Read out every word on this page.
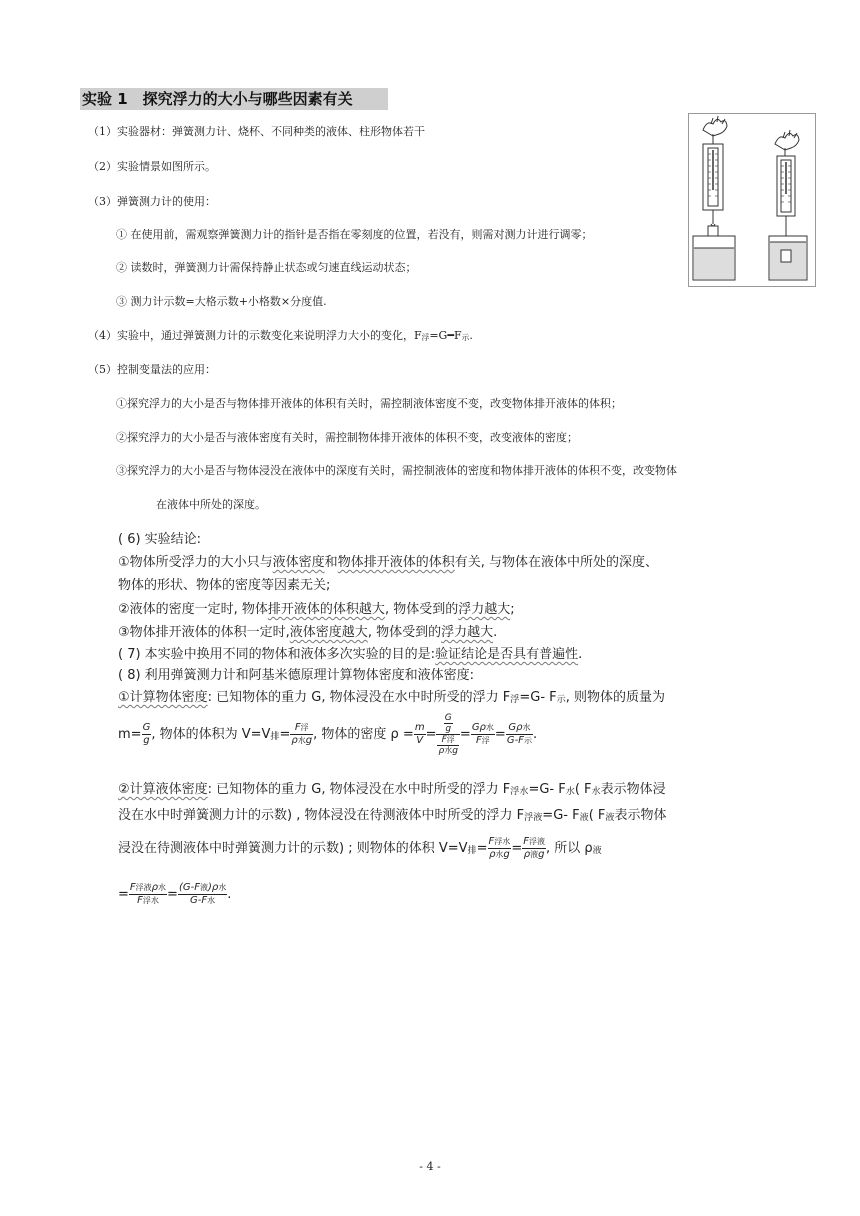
实验 1　探究浮力的大小与哪些因素有关
（1）实验器材：弹簧测力计、烧杯、不同种类的液体、柱形物体若干
（2）实验情景如图所示。
（3）弹簧测力计的使用：
① 在使用前，需观察弹簧测力计的指针是否指在零刻度的位置，若没有，则需对测力计进行调零；
② 读数时，弹簧测力计需保持静止状态或匀速直线运动状态；
③ 测力计示数=大格示数+小格数×分度值.
（4）实验中，通过弹簧测力计的示数变化来说明浮力大小的变化，F浮=G━F示.
（5）控制变量法的应用：
①探究浮力的大小是否与物体排开液体的体积有关时，需控制液体密度不变，改变物体排开液体的体积；
②探究浮力的大小是否与液体密度有关时，需控制物体排开液体的体积不变，改变液体的密度；
③探究浮力的大小是否与物体浸没在液体中的深度有关时，需控制液体的密度和物体排开液体的体积不变，改变物体
在液体中所处的深度。
( 6) 实验结论:
①物体所受浮力的大小只与液体密度和物体排开液体的体积有关, 与物体在液体中所处的深度、
物体的形状、物体的密度等因素无关;
②液体的密度一定时, 物体排开液体的体积越大, 物体受到的浮力越大;
③物体排开液体的体积一定时,液体密度越大, 物体受到的浮力越大.
( 7) 本实验中换用不同的物体和液体多次实验的目的是:验证结论是否具有普遍性.
( 8) 利用弹簧测力计和阿基米德原理计算物体密度和液体密度:
①计算物体密度: 已知物体的重力 G, 物体浸没在水中时所受的浮力 F浮=G- F示, 则物体的质量为
$m= \frac{G}{g}$ , 物体的体积为 V=V排= $\frac{\text{F浮}}{\text{ρ水g}}$ , 物体的密度 $\rho = \frac{m}{V} = \frac{\frac{G}{g}}{\frac{\text{F浮}}{\text{ρ水g}}} = \frac{\text{Gρ水}}{\text{F浮}} = \frac{\text{Gρ水}}{\text{G-F示}}$ .
②计算液体密度: 已知物体的重力 G, 物体浸没在水中时所受的浮力 F浮水=G- F水( F水表示物体浸
没在水中时弹簧测力计的示数) , 物体浸没在待测液体中时所受的浮力 F浮液=G- F液( F液表示物体
浸没在待测液体中时弹簧测力计的示数) ; 则物体的体积 V=V排= $\frac{\text{F浮水}}{\text{ρ水g}} = \frac{\text{F浮液}}{\text{ρ液g}}$ , 所以 ρ液
= $\frac{\text{F浮液ρ水}}{\text{F浮水}} = \frac{\text{(G-F液)ρ水}}{\text{G-F水}}$ .
- 4 -
